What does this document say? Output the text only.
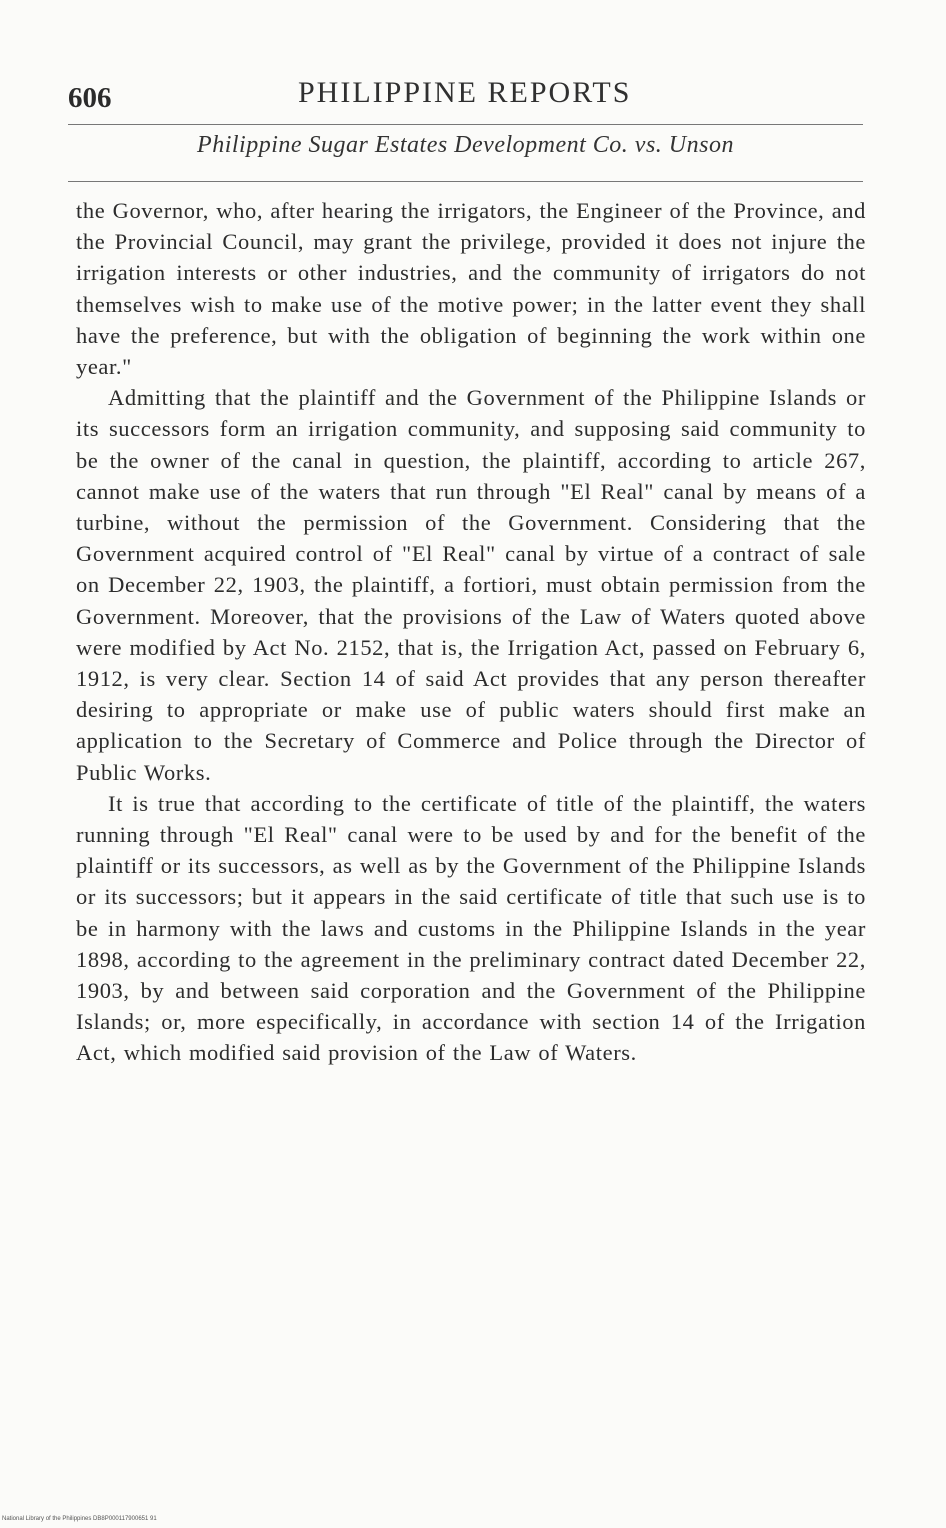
606	PHILIPPINE REPORTS
Philippine Sugar Estates Development Co. vs. Unson

the Governor, who, after hearing the irrigators, the Engineer of the Province, and the Provincial Council, may grant the privilege, provided it does not injure the irrigation interests or other industries, and the community of irrigators do not themselves wish to make use of the motive power; in the latter event they shall have the preference, but with the obligation of beginning the work within one year."

Admitting that the plaintiff and the Government of the Philippine Islands or its successors form an irrigation community, and supposing said community to be the owner of the canal in question, the plaintiff, according to article 267, cannot make use of the waters that run through "El Real" canal by means of a turbine, without the permission of the Government. Considering that the Government acquired control of "El Real" canal by virtue of a contract of sale on December 22, 1903, the plaintiff, a fortiori, must obtain permission from the Government. Moreover, that the provisions of the Law of Waters quoted above were modified by Act No. 2152, that is, the Irrigation Act, passed on February 6, 1912, is very clear. Section 14 of said Act provides that any person thereafter desiring to appropriate or make use of public waters should first make an application to the Secretary of Commerce and Police through the Director of Public Works.

It is true that according to the certificate of title of the plaintiff, the waters running through "El Real" canal were to be used by and for the benefit of the plaintiff or its successors, as well as by the Government of the Philippine Islands or its successors; but it appears in the said certificate of title that such use is to be in harmony with the laws and customs in the Philippine Islands in the year 1898, according to the agreement in the preliminary contract dated December 22, 1903, by and between said corporation and the Government of the Philippine Islands; or, more especifically, in accordance with section 14 of the Irrigation Act, which modified said provision of the Law of Waters.

National Library of the Philippines DB8P000117900651 91
